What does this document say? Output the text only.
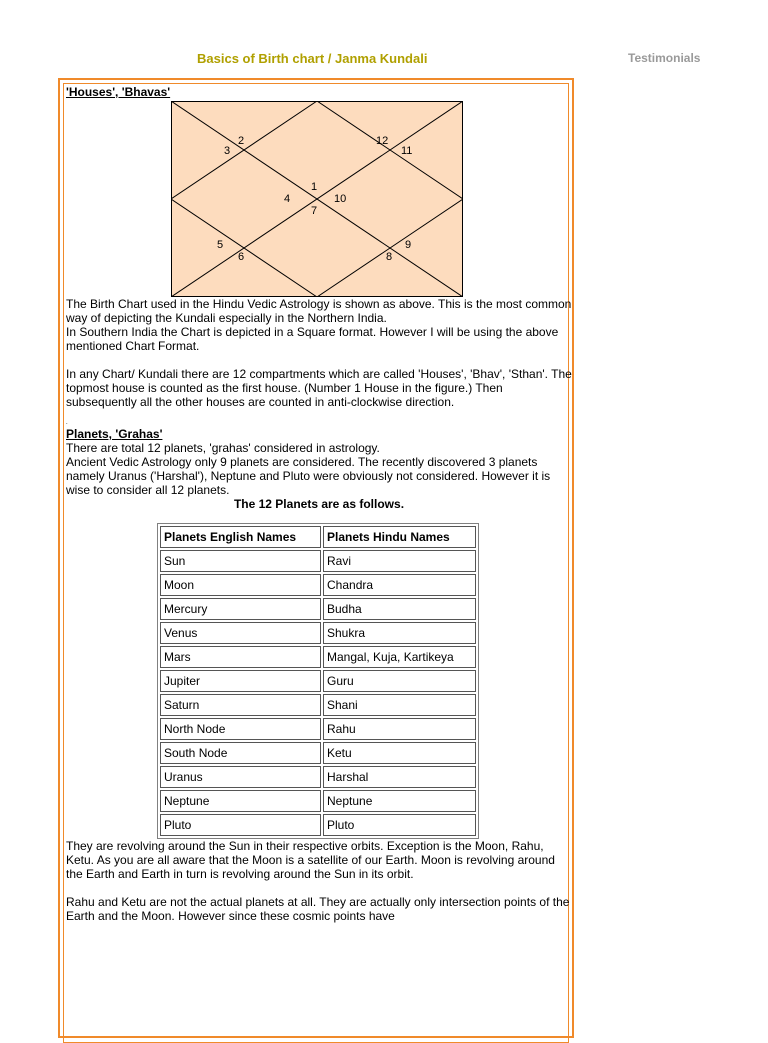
Basics of Birth chart / Janma Kundali	Testimonials

'Houses', 'Bhavas'

1
2
3
4
5
6
7
8
9
10
11
12

The Birth Chart used in the Hindu Vedic Astrology is shown as above. This is the most common way of depicting the Kundali especially in the Northern India.

In Southern India the Chart is depicted in a Square format. However I will be using the above mentioned Chart Format.

In any Chart/ Kundali there are 12 compartments which are called 'Houses', 'Bhav', 'Sthan'. The topmost house is counted as the first house. (Number 1 House in the figure.) Then subsequently all the other houses are counted in anti-clockwise direction.

.

Planets, 'Grahas'

There are total 12 planets, 'grahas' considered in astrology.

Ancient Vedic Astrology only 9 planets are considered. The recently discovered 3 planets namely Uranus ('Harshal'), Neptune and Pluto were obviously not considered. However it is wise to consider all 12 planets.

The 12 Planets are as follows.

Planets English Names	Planets Hindu Names
Sun	Ravi
Moon	Chandra
Mercury	Budha
Venus	Shukra
Mars	Mangal, Kuja, Kartikeya
Jupiter	Guru
Saturn	Shani
North Node	Rahu
South Node	Ketu
Uranus	Harshal
Neptune	Neptune
Pluto	Pluto

They are revolving around the Sun in their respective orbits. Exception is the Moon, Rahu, Ketu. As you are all aware that the Moon is a satellite of our Earth. Moon is revolving around the Earth and Earth in turn is revolving around the Sun in its orbit.

Rahu and Ketu are not the actual planets at all. They are actually only intersection points of the Earth and the Moon. However since these cosmic points have
